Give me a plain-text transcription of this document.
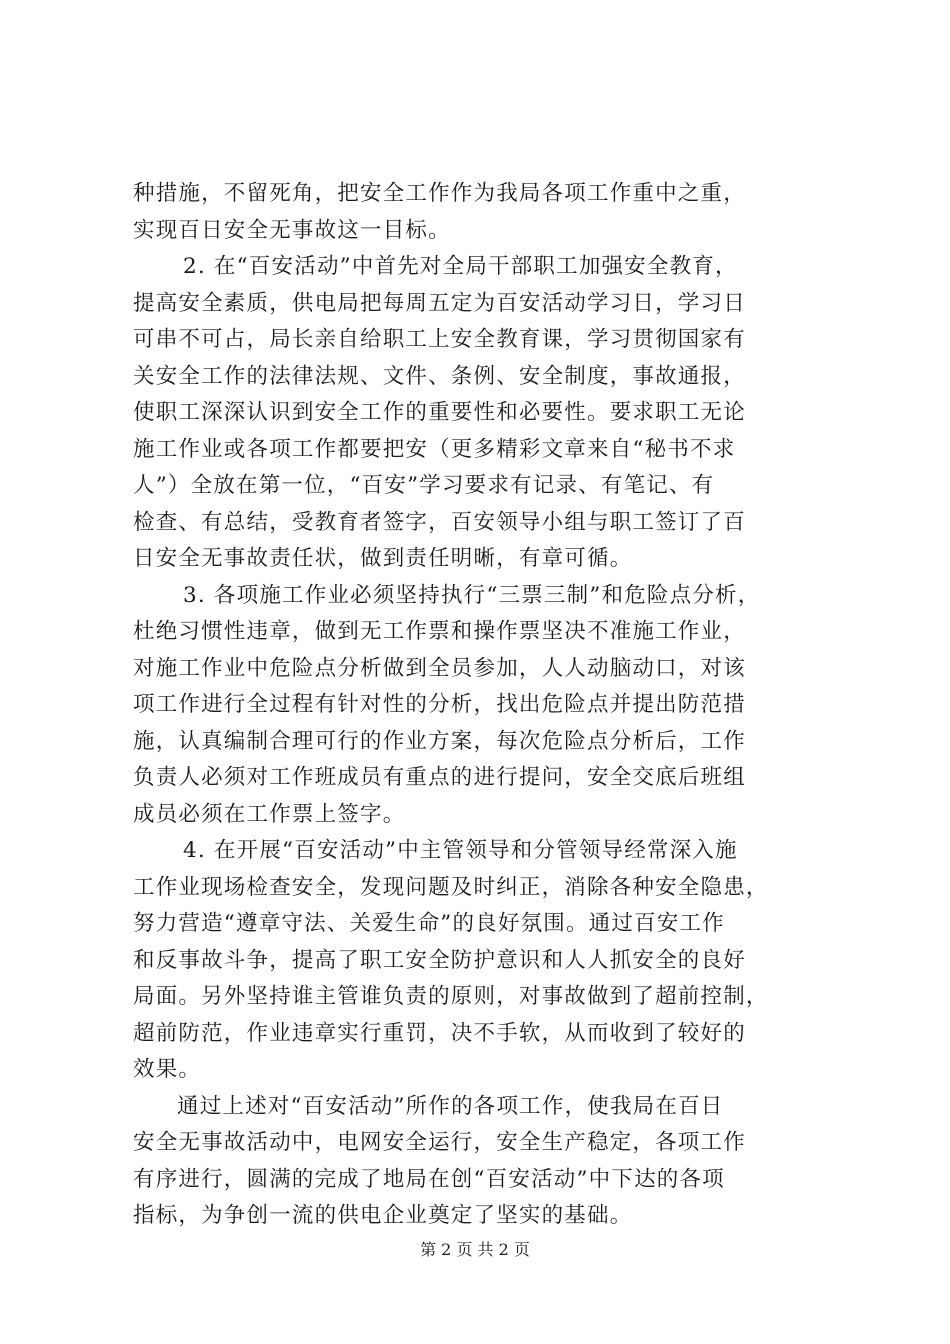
种措施，不留死角，把安全工作作为我局各项工作重中之重，
实现百日安全无事故这一目标。
2. 在“百安活动”中首先对全局干部职工加强安全教育，
提高安全素质，供电局把每周五定为百安活动学习日，学习日
可串不可占，局长亲自给职工上安全教育课，学习贯彻国家有
关安全工作的法律法规、文件、条例、安全制度，事故通报，
使职工深深认识到安全工作的重要性和必要性。要求职工无论
施工作业或各项工作都要把安（更多精彩文章来自“秘书不求
人”）全放在第一位，“百安”学习要求有记录、有笔记、有
检查、有总结，受教育者签字，百安领导小组与职工签订了百
日安全无事故责任状，做到责任明晰，有章可循。
3. 各项施工作业必须坚持执行“三票三制”和危险点分析，
杜绝习惯性违章，做到无工作票和操作票坚决不准施工作业，
对施工作业中危险点分析做到全员参加，人人动脑动口，对该
项工作进行全过程有针对性的分析，找出危险点并提出防范措
施，认真编制合理可行的作业方案，每次危险点分析后，工作
负责人必须对工作班成员有重点的进行提问，安全交底后班组
成员必须在工作票上签字。
4. 在开展“百安活动”中主管领导和分管领导经常深入施
工作业现场检查安全，发现问题及时纠正，消除各种安全隐患，
努力营造“遵章守法、关爱生命”的良好氛围。通过百安工作
和反事故斗争，提高了职工安全防护意识和人人抓安全的良好
局面。另外坚持谁主管谁负责的原则，对事故做到了超前控制，
超前防范，作业违章实行重罚，决不手软，从而收到了较好的
效果。
通过上述对“百安活动”所作的各项工作，使我局在百日
安全无事故活动中，电网安全运行，安全生产稳定，各项工作
有序进行，圆满的完成了地局在创“百安活动”中下达的各项
指标，为争创一流的供电企业奠定了坚实的基础。
第 2 页 共 2 页
